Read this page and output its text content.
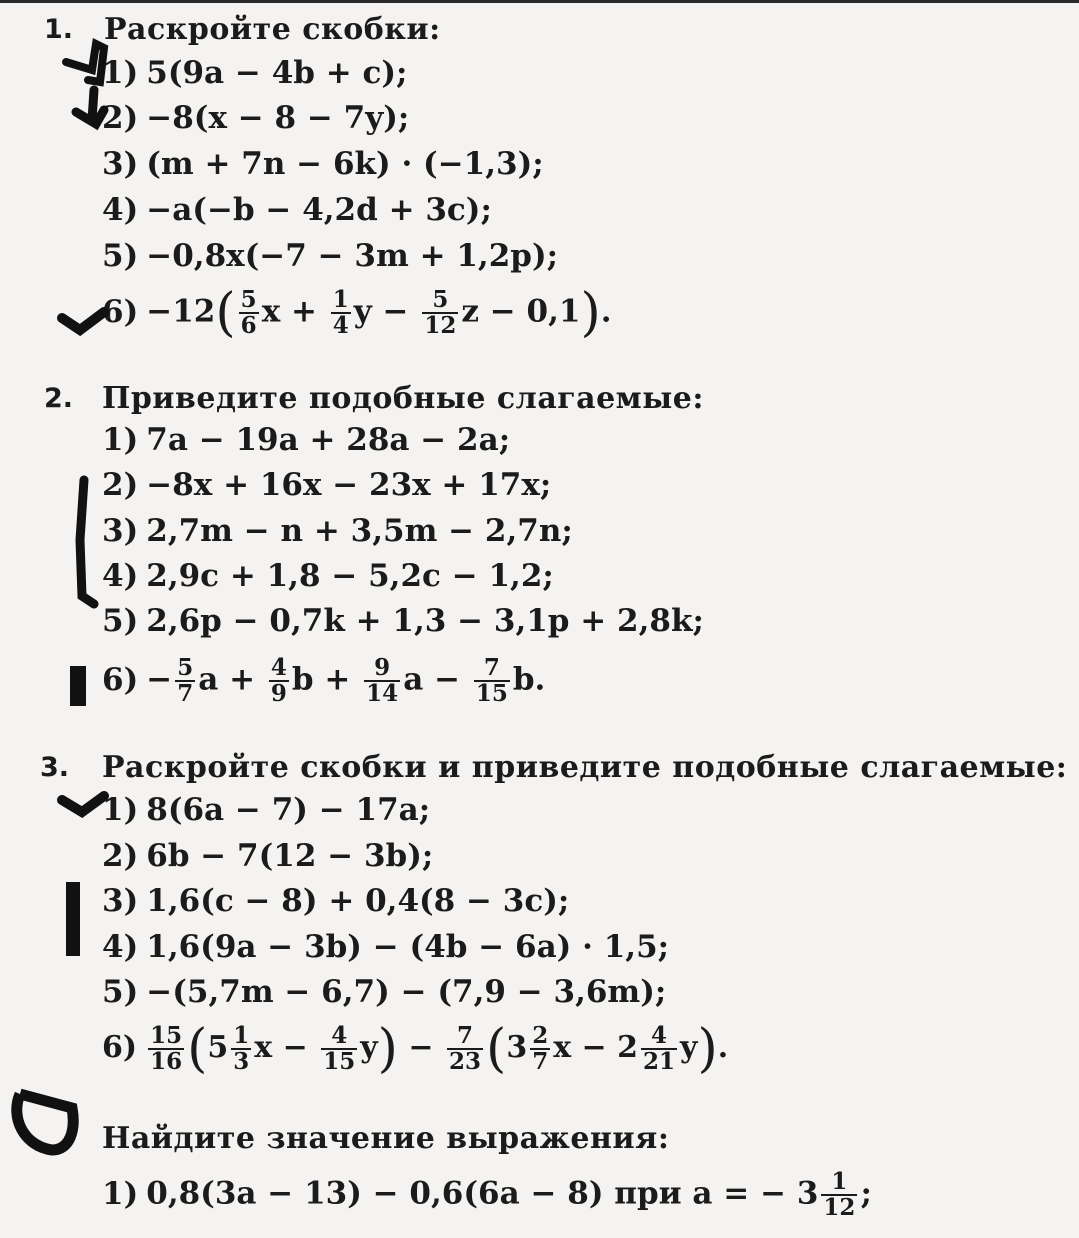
1. Раскройте скобки:
1) 5(9a − 4b + c);
2) −8(x − 8 − 7y);
3) (m + 7n − 6k) · (−1,3);
4) −a(−b − 4,2d + 3c);
5) −0,8x(−7 − 3m + 1,2p);
$6) -12( \frac{5}{6}$ $x + \frac{1}{4}$ $y - \frac{5}{12}$ z − 0,1).
2. Приведите подобные слагаемые:
1) 7a − 19a + 28a − 2a;
2) −8x + 16x − 23x + 17x;
3) 2,7m − n + 3,5m − 2,7n;
4) 2,9c + 1,8 − 5,2c − 1,2;
5) 2,6p − 0,7k + 1,3 − 3,1p + 2,8k;
$6) - \frac{5}{7}$ $a + \frac{4}{9}$ $b + \frac{9}{14}$ $a - \frac{7}{15} b$.
3. Раскройте скобки и приведите подобные слагаемые:
1) 8(6a − 7) − 17a;
2) 6b − 7(12 − 3b);
3) 1,6(c − 8) + 0,4(8 − 3c);
4) 1,6(9a − 3b) − (4b − 6a) · 1,5;
5) −(5,7m − 6,7) − (7,9 − 3,6m);
$6) \frac{15}{16} (5 \frac{1}{3}$ $x - \frac{4}{15} y) - \frac{7}{23} (3 \frac{2}{7}$ $x - 2 \frac{4}{21} y$).
4. Найдите значение выражения:
1) 0,8(3a − 13) − 0,6(6a − 8) при a = − $3 \frac{1}{12}$ ;
